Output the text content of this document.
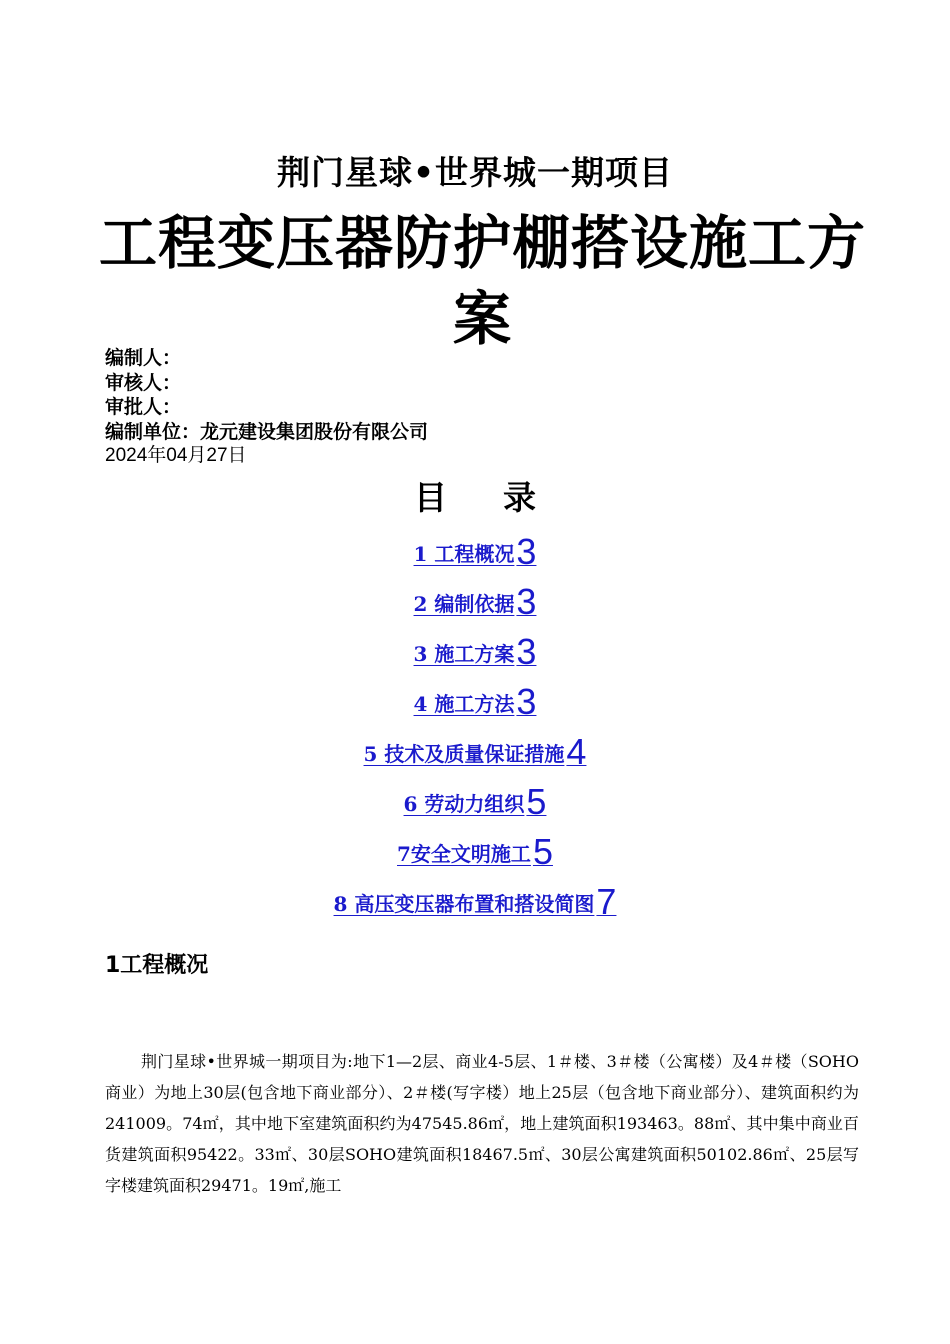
荆门星球•世界城一期项目
工程变压器防护棚搭设施工方案
编制人：
审核人：
审批人：
编制单位：龙元建设集团股份有限公司
2024年04月27日
目 录
1 工程概况3
2 编制依据3
3 施工方案3
4 施工方法3
5 技术及质量保证措施4
6 劳动力组织5
7安全文明施工5
8 高压变压器布置和搭设简图7
1工程概况

荆门星球•世界城一期项目为:地下1—2层、商业4-5层、1＃楼、3＃楼（公寓楼）及4＃楼（SOHO商业）为地上30层(包含地下商业部分）、2＃楼(写字楼）地上25层（包含地下商业部分）、建筑面积约为241009。74㎡，其中地下室建筑面积约为47545.86㎡，地上建筑面积193463。88㎡、其中集中商业百货建筑面积95422。33㎡、30层SOHO建筑面积18467.5㎡、30层公寓建筑面积50102.86㎡、25层写字楼建筑面积29471。19㎡,施工
